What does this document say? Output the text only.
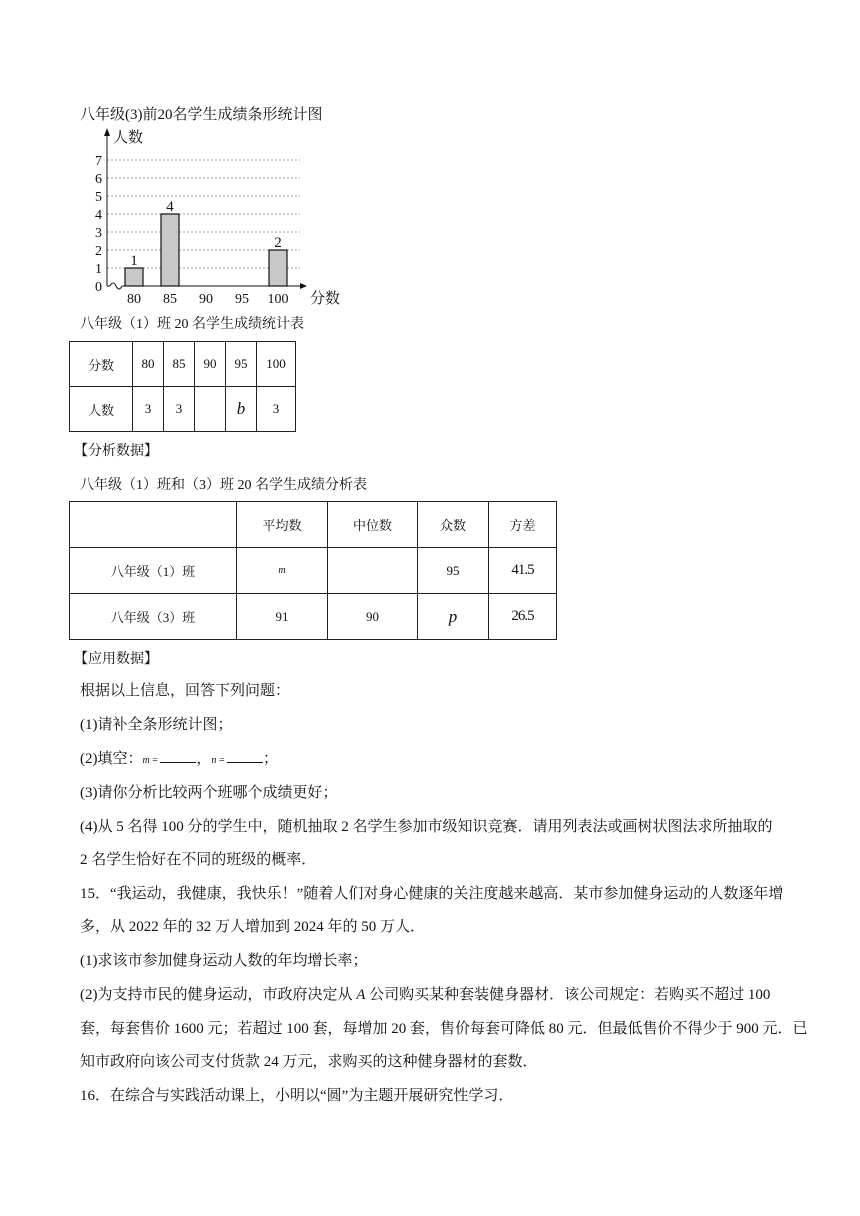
八年级(3)前20名学生成绩条形统计图
0
1
2
3
4
5
6
7
人数
分数
80
1
85
4
90 95 100
2
八年级（1）班 20 名学生成绩统计表
分数	80	85	90	95	100
人数	3	3		b	3
【分析数据】
八年级（1）班和（3）班 20 名学生成绩分析表
	平均数	中位数	众数	方差
八年级（1）班	m		95	41.5
八年级（3）班	91	90	p	26.5
【应用数据】
根据以上信息，回答下列问题：
(1)请补全条形统计图；
(2)填空：m = ，n = ；
(3)请你分析比较两个班哪个成绩更好；
(4)从 5 名得 100 分的学生中，随机抽取 2 名学生参加市级知识竞赛．请用列表法或画树状图法求所抽取的
2 名学生恰好在不同的班级的概率．
15．“我运动，我健康，我快乐！”随着人们对身心健康的关注度越来越高．某市参加健身运动的人数逐年增
多，从 2022 年的 32 万人增加到 2024 年的 50 万人．
(1)求该市参加健身运动人数的年均增长率；
(2)为支持市民的健身运动，市政府决定从 A 公司购买某种套装健身器材．该公司规定：若购买不超过 100
套，每套售价 1600 元；若超过 100 套，每增加 20 套，售价每套可降低 80 元．但最低售价不得少于 900 元．已
知市政府向该公司支付货款 24 万元，求购买的这种健身器材的套数．
16．在综合与实践活动课上，小明以“圆”为主题开展研究性学习．
